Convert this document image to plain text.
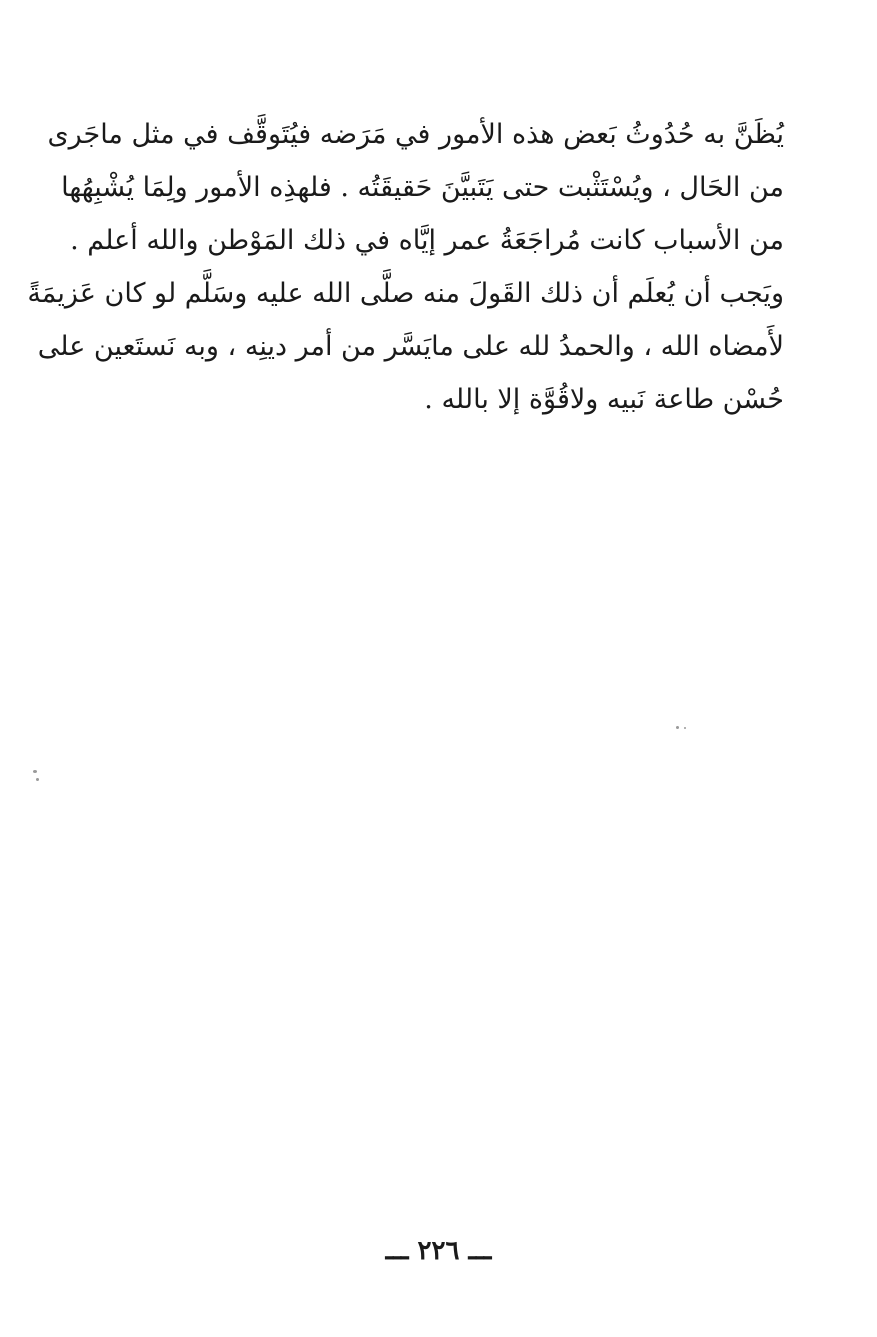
يُظَنَّ به حُدُوثُ بَعض هذه الأمور في مَرَضه فيُتَوقَّف في مثل ماجَرى
من الحَال ، ويُسْتَثْبت حتى يَتَبيَّنَ حَقيقَتُه . فلهذِه الأمور ولِمَا يُشْبِهُها
من الأسباب كانت مُراجَعَةُ عمر إيَّاه في ذلك المَوْطن والله أعلم .
ويَجب أن يُعلَم أن ذلك القَولَ منه صلَّى الله عليه وسَلَّم لو كان عَزيمَةً
لأَمضاه الله ، والحمدُ لله على مايَسَّر من أمر دينِه ، وبه نَستَعين على
حُسْن طاعة نَبيه ولاقُوَّة إلا بالله .
ـــ ٢٢٦ ـــ
